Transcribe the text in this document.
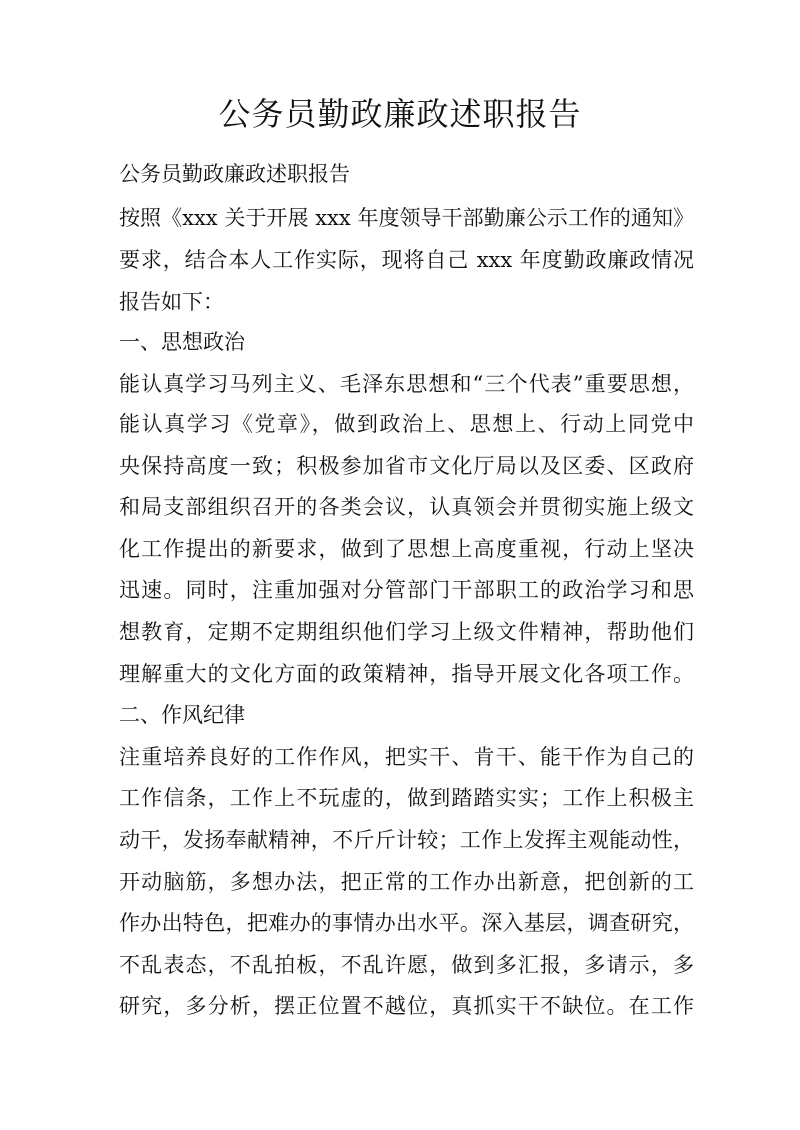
公务员勤政廉政述职报告

公务员勤政廉政述职报告

按照《xxx 关于开展 xxx 年度领导干部勤廉公示工作的通知》

要求，结合本人工作实际，现将自己 xxx 年度勤政廉政情况

报告如下：

一、思想政治

能认真学习马列主义、毛泽东思想和“三个代表”重要思想，

能认真学习《党章》，做到政治上、思想上、行动上同党中

央保持高度一致；积极参加省市文化厅局以及区委、区政府

和局支部组织召开的各类会议，认真领会并贯彻实施上级文

化工作提出的新要求，做到了思想上高度重视，行动上坚决

迅速。同时，注重加强对分管部门干部职工的政治学习和思

想教育，定期不定期组织他们学习上级文件精神，帮助他们

理解重大的文化方面的政策精神，指导开展文化各项工作。

二、作风纪律

注重培养良好的工作作风，把实干、肯干、能干作为自己的

工作信条，工作上不玩虚的，做到踏踏实实；工作上积极主

动干，发扬奉献精神，不斤斤计较；工作上发挥主观能动性，

开动脑筋，多想办法，把正常的工作办出新意，把创新的工

作办出特色，把难办的事情办出水平。深入基层，调查研究，

不乱表态，不乱拍板，不乱许愿，做到多汇报，多请示，多

研究，多分析，摆正位置不越位，真抓实干不缺位。在工作
